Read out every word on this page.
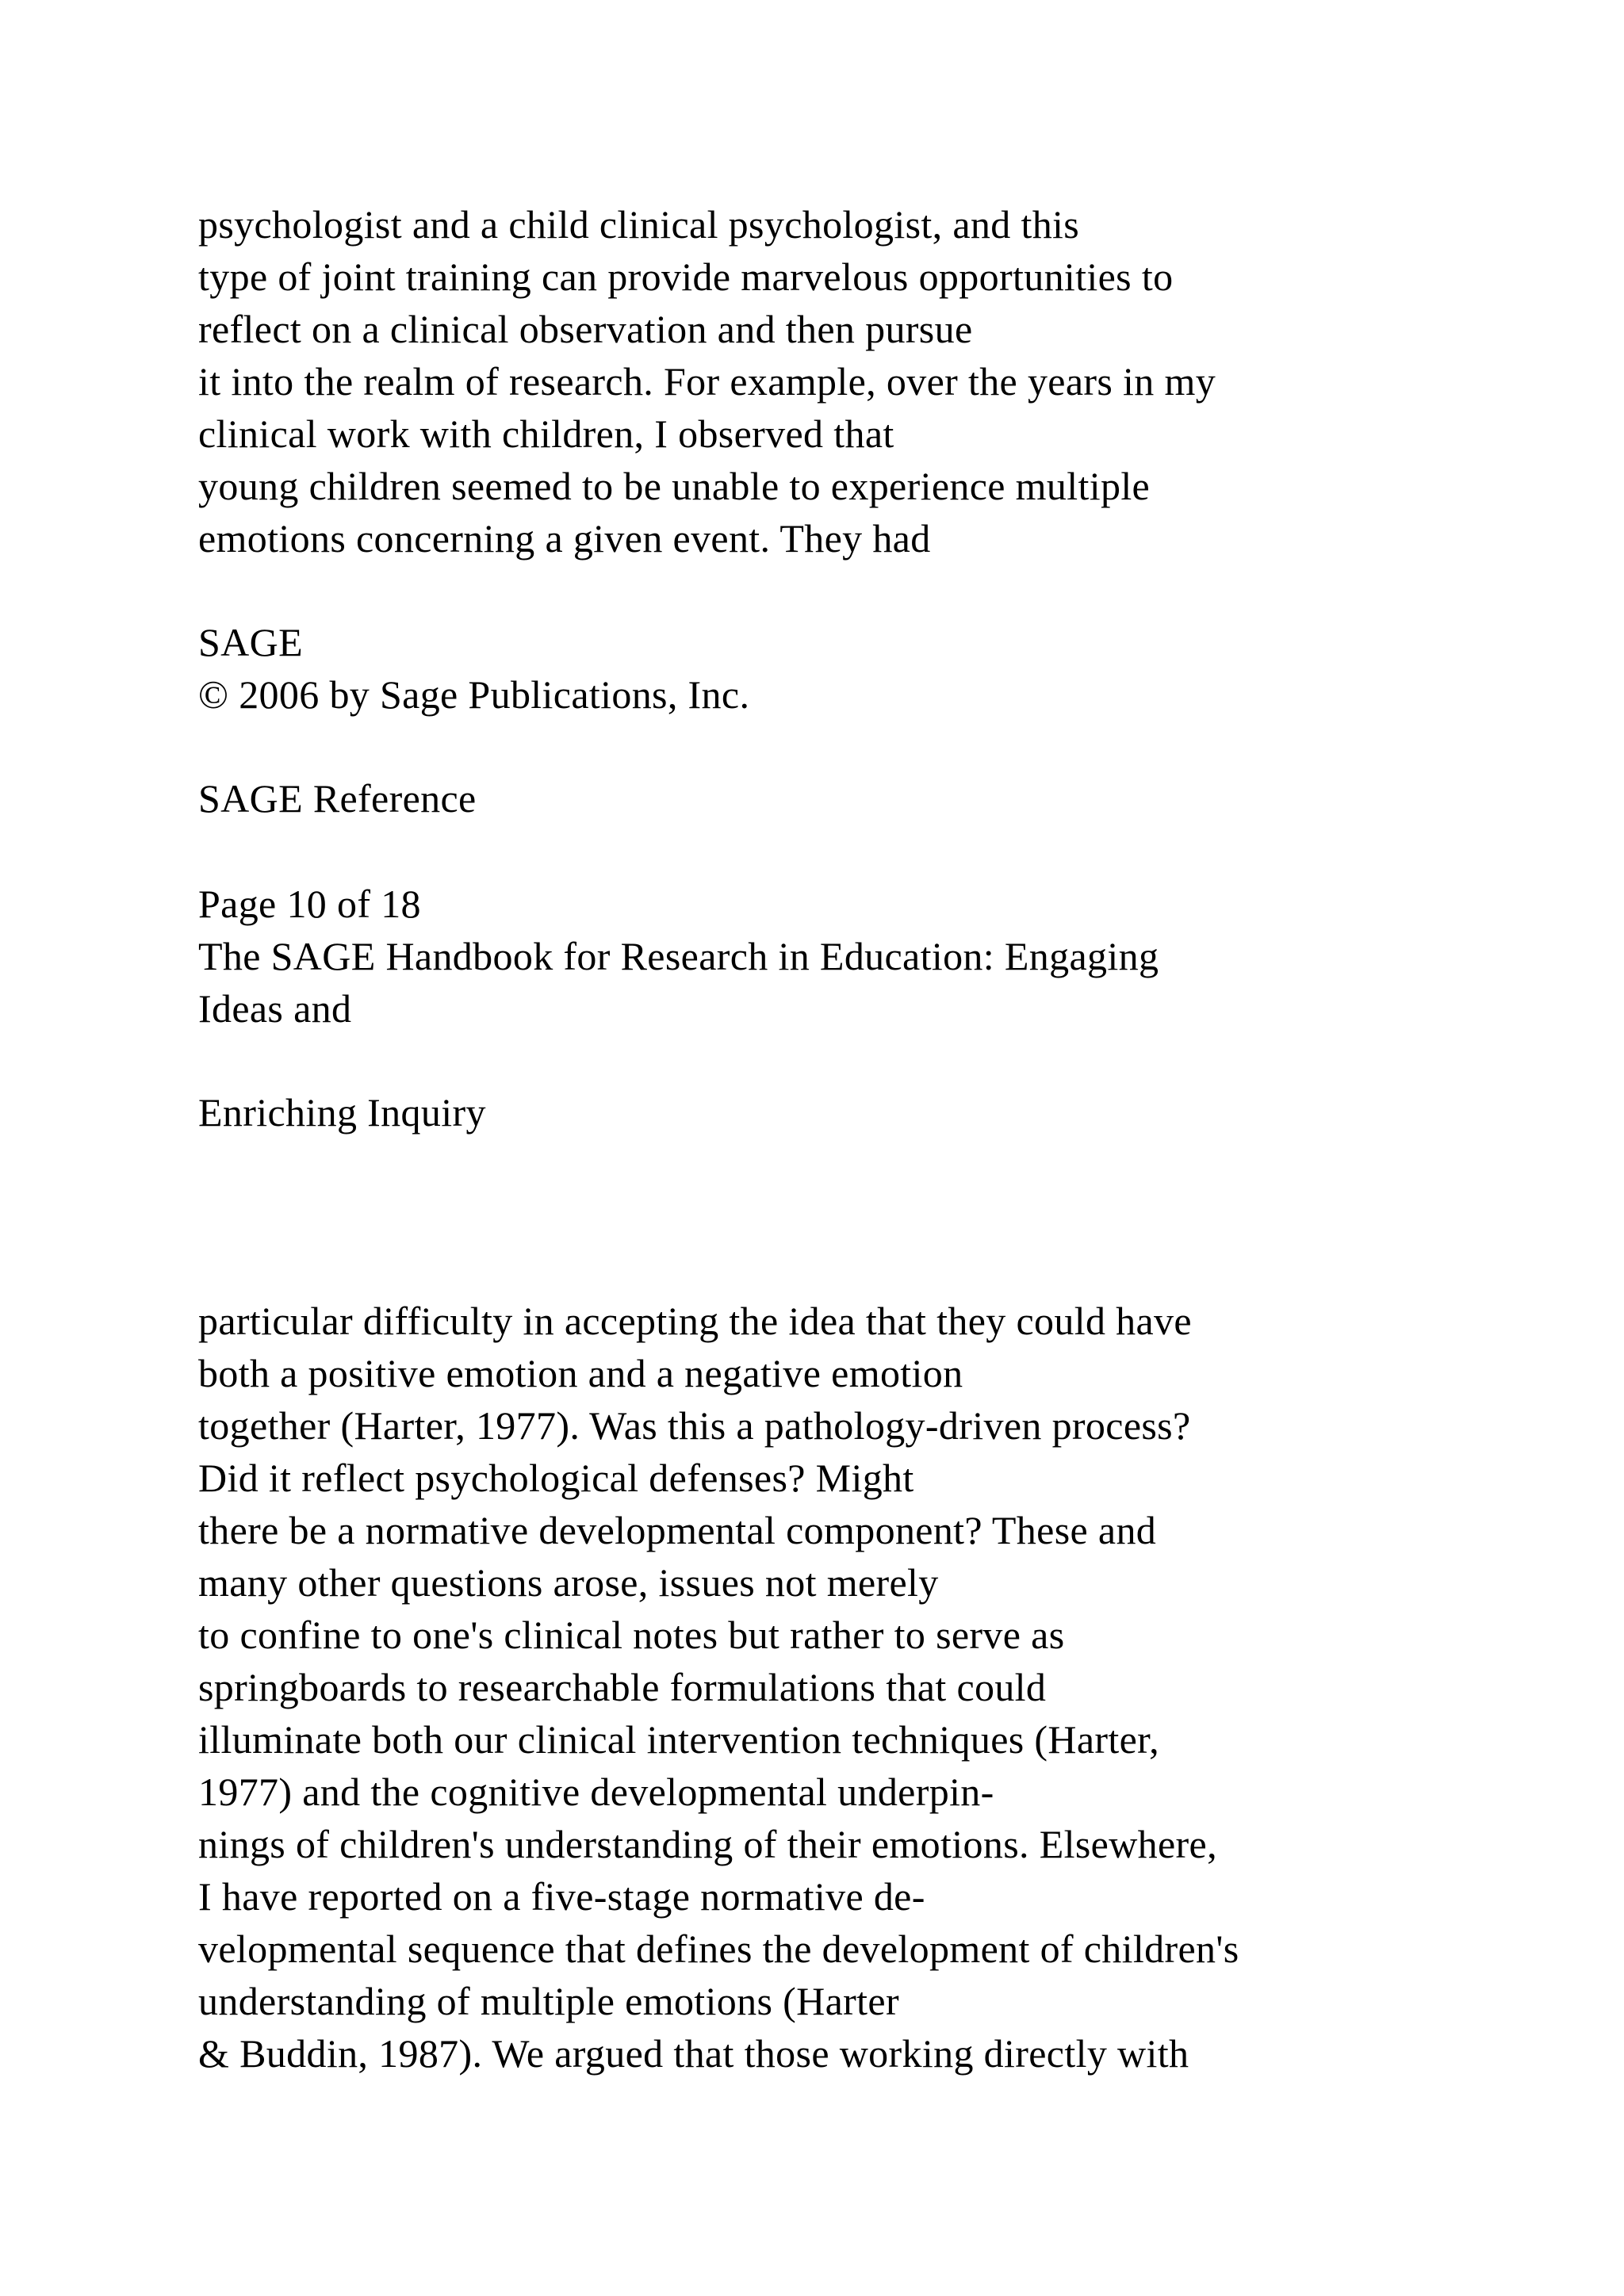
psychologist and a child clinical psychologist, and this

type of joint training can provide marvelous opportunities to

reflect on a clinical observation and then pursue

it into the realm of research. For example, over the years in my

clinical work with children, I observed that

young children seemed to be unable to experience multiple

emotions concerning a given event. They had

SAGE

© 2006 by Sage Publications, Inc.

SAGE Reference

Page 10 of 18

The SAGE Handbook for Research in Education: Engaging

Ideas and

Enriching Inquiry

particular difficulty in accepting the idea that they could have

both a positive emotion and a negative emotion

together (Harter, 1977). Was this a pathology-driven process?

Did it reflect psychological defenses? Might

there be a normative developmental component? These and

many other questions arose, issues not merely

to confine to one's clinical notes but rather to serve as

springboards to researchable formulations that could

illuminate both our clinical intervention techniques (Harter,

1977) and the cognitive developmental underpin-

nings of children's understanding of their emotions. Elsewhere,

I have reported on a five-stage normative de-

velopmental sequence that defines the development of children's

understanding of multiple emotions (Harter

& Buddin, 1987). We argued that those working directly with
